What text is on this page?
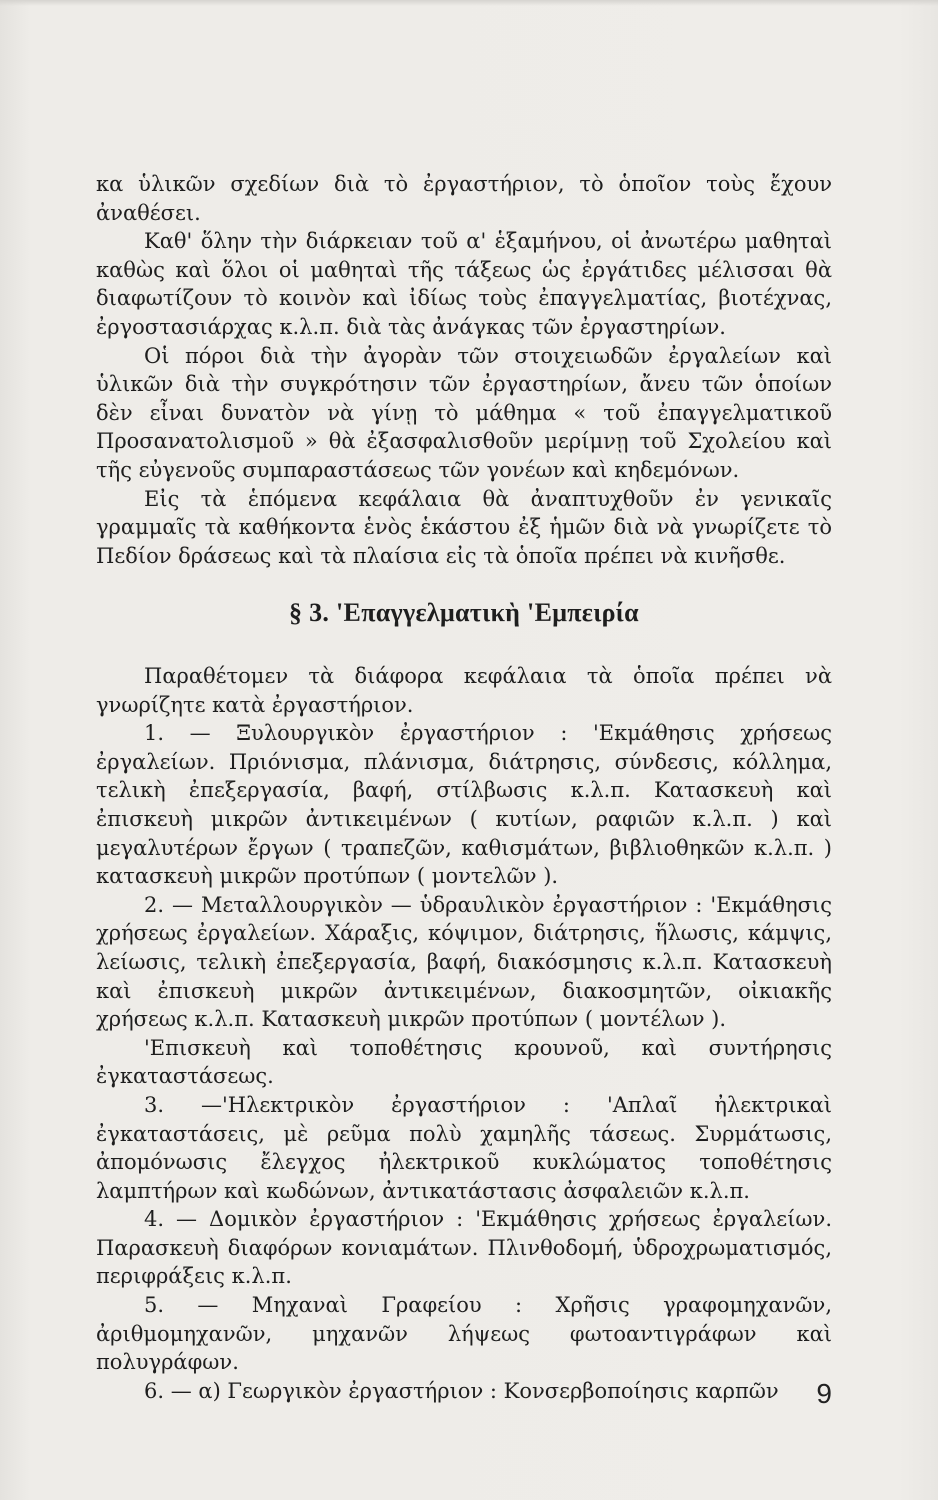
κα ὑλικῶν σχεδίων διὰ τὸ ἐργαστήριον, τὸ ὁποῖον τοὺς ἔχουν ἀναθέσει.

Καθ' ὅλην τὴν διάρκειαν τοῦ α' ἑξαμήνου, οἱ ἀνωτέρω μαθηταὶ καθὼς καὶ ὅλοι οἱ μαθηταὶ τῆς τάξεως ὡς ἐργάτιδες μέλισσαι θὰ διαφωτίζουν τὸ κοινὸν καὶ ἰδίως τοὺς ἐπαγγελματίας, βιοτέχνας, ἐργοστασιάρχας κ.λ.π. διὰ τὰς ἀνάγκας τῶν ἐργαστηρίων.

Οἱ πόροι διὰ τὴν ἀγορὰν τῶν στοιχειωδῶν ἐργαλείων καὶ ὑλικῶν διὰ τὴν συγκρότησιν τῶν ἐργαστηρίων, ἄνευ τῶν ὁποίων δὲν εἶναι δυνατὸν νὰ γίνῃ τὸ μάθημα « τοῦ ἐπαγγελματικοῦ Προσανατολισμοῦ » θὰ ἐξασφαλισθοῦν μερίμνῃ τοῦ Σχολείου καὶ τῆς εὐγενοῦς συμπαραστάσεως τῶν γονέων καὶ κηδεμόνων.

Εἰς τὰ ἑπόμενα κεφάλαια θὰ ἀναπτυχθοῦν ἐν γενικαῖς γραμμαῖς τὰ καθήκοντα ἑνὸς ἑκάστου ἐξ ἡμῶν διὰ νὰ γνωρίζετε τὸ Πεδίον δράσεως καὶ τὰ πλαίσια εἰς τὰ ὁποῖα πρέπει νὰ κινῆσθε.

§ 3. 'Επαγγελματικὴ 'Εμπειρία

Παραθέτομεν τὰ διάφορα κεφάλαια τὰ ὁποῖα πρέπει νὰ γνωρίζητε κατὰ ἐργαστήριον.

1. — Ξυλουργικὸν ἐργαστήριον : 'Εκμάθησις χρήσεως ἐργαλείων. Πριόνισμα, πλάνισμα, διάτρησις, σύνδεσις, κόλλημα, τελικὴ ἐπεξεργασία, βαφή, στίλβωσις κ.λ.π. Κατασκευὴ καὶ ἐπισκευὴ μικρῶν ἀντικειμένων ( κυτίων, ραφιῶν κ.λ.π. ) καὶ μεγαλυτέρων ἔργων ( τραπεζῶν, καθισμάτων, βιβλιοθηκῶν κ.λ.π. ) κατασκευὴ μικρῶν προτύπων ( μοντελῶν ).

2. — Μεταλλουργικὸν — ὑδραυλικὸν ἐργαστήριον : 'Εκμάθησις χρήσεως ἐργαλείων. Χάραξις, κόψιμον, διάτρησις, ἥλωσις, κάμψις, λείωσις, τελικὴ ἐπεξεργασία, βαφή, διακόσμησις κ.λ.π. Κατασκευὴ καὶ ἐπισκευὴ μικρῶν ἀντικειμένων, διακοσμητῶν, οἰκιακῆς χρήσεως κ.λ.π. Κατασκευὴ μικρῶν προτύπων ( μοντέλων ).

'Επισκευὴ καὶ τοποθέτησις κρουνοῦ, καὶ συντήρησις ἐγκαταστάσεως.

3. —'Ηλεκτρικὸν ἐργαστήριον : 'Απλαῖ ἠλεκτρικαὶ ἐγκαταστάσεις, μὲ ρεῦμα πολὺ χαμηλῆς τάσεως. Συρμάτωσις, ἀπομόνωσις ἔλεγχος ἠλεκτρικοῦ κυκλώματος τοποθέτησις λαμπτήρων καὶ κωδώνων, ἀντικατάστασις ἀσφαλειῶν κ.λ.π.

4. — Δομικὸν ἐργαστήριον : 'Εκμάθησις χρήσεως ἐργαλείων. Παρασκευὴ διαφόρων κονιαμάτων. Πλινθοδομή, ὑδροχρωματισμός, περιφράξεις κ.λ.π.

5. — Μηχαναὶ Γραφείου : Χρῆσις γραφομηχανῶν, ἀριθμομηχανῶν, μηχανῶν λήψεως φωτοαντιγράφων καὶ πολυγράφων.

6. — α) Γεωργικὸν ἐργαστήριον : Κονσερβοποίησις καρπῶν	9
